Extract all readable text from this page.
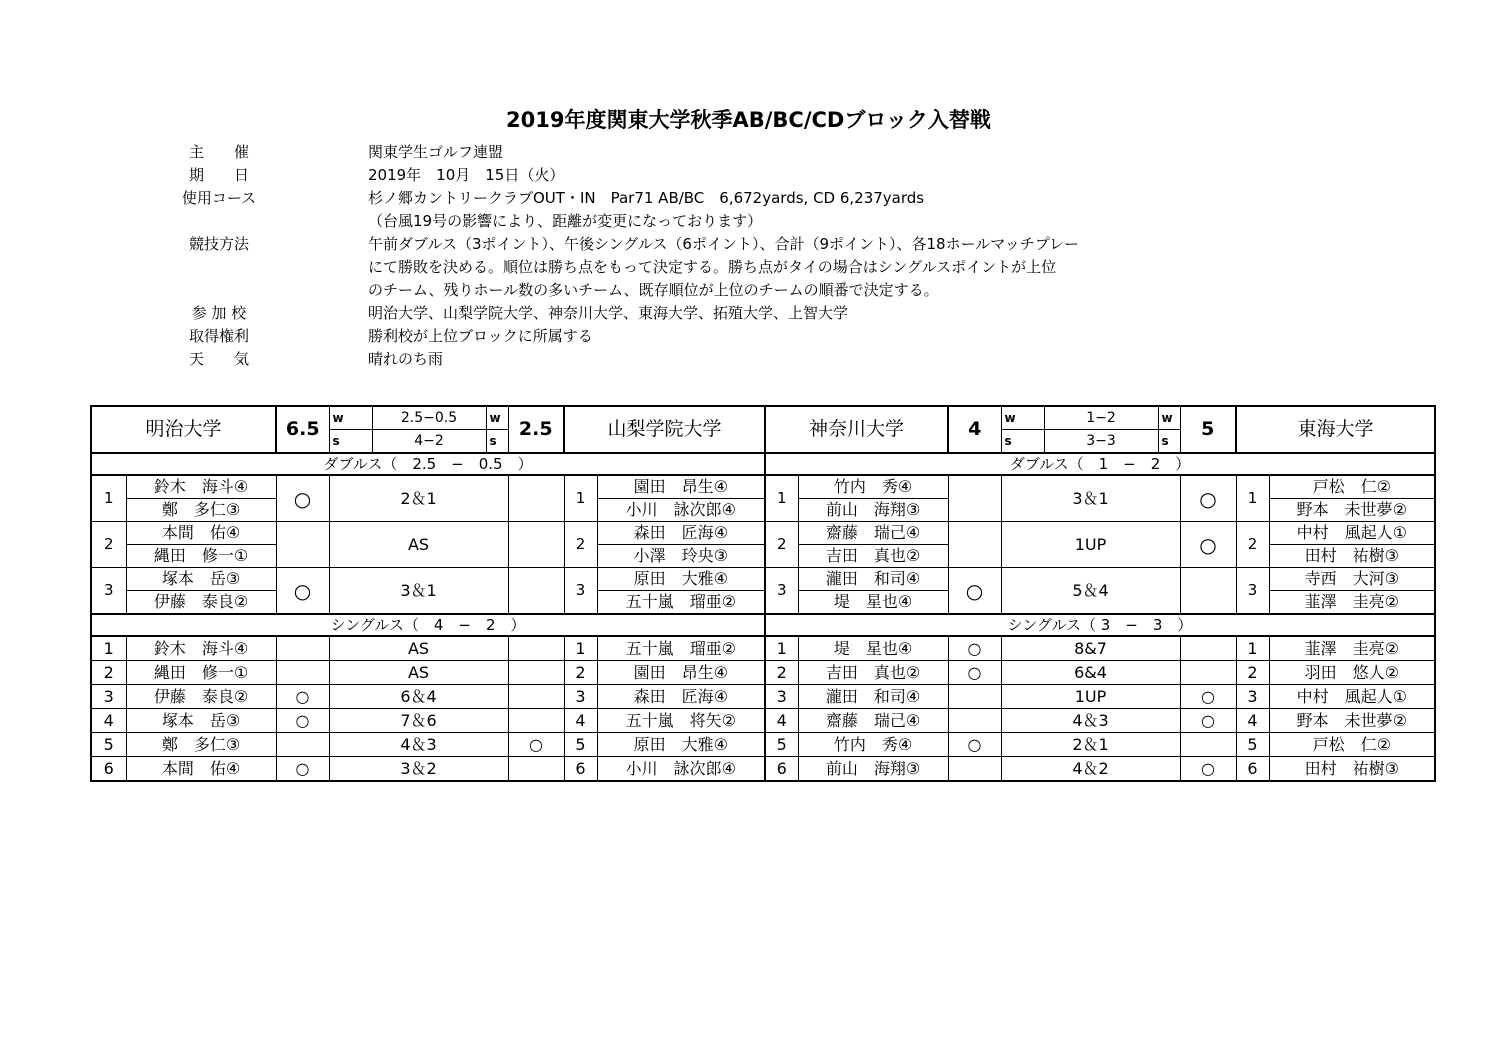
2019年度関東大学秋季AB/BC/CDブロック入替戦
主　　催	関東学生ゴルフ連盟
期　　日	2019年　10月　15日（火）
使用コース	杉ノ郷カントリークラブOUT・IN　Par71 AB/BC　6,672yards, CD 6,237yards
（台風19号の影響により、距離が変更になっております）
競技方法	午前ダブルス（3ポイント）、午後シングルス（6ポイント）、合計（9ポイント）、各18ホールマッチプレー
にて勝敗を決める。順位は勝ち点をもって決定する。勝ち点がタイの場合はシングルスポイントが上位
のチーム、残りホール数の多いチーム、既存順位が上位のチームの順番で決定する。
参 加 校	明治大学、山梨学院大学、神奈川大学、東海大学、拓殖大学、上智大学
取得権利	勝利校が上位ブロックに所属する
天　　気	晴れのち雨
明治大学		6.5	w	2.5−0.5	w	2.5	山梨学院大学		神奈川大学		4	w	1−2	w	5	東海大学	
			s	4−2	s							s	3−3	s			
ダブルス（　2.5　−　0.5　）									ダブルス（　1　−　2　）								
1	鈴木　海斗④	○	2＆1				1	園田　昂生④	1	竹内　秀④		3＆1			○	1	戸松　仁②
	鄭　多仁③							小川　詠次郎④		前山　海翔③							野本　未世夢②
2	本間　佑④		AS				2	森田　匠海④	2	齋藤　瑞己④		1UP			○	2	中村　風起人①
	縄田　修一①							小澤　玲央③		吉田　真也②							田村　祐樹③
3	塚本　岳③	○	3＆1				3	原田　大雅④	3	瀧田　和司④	○	5＆4				3	寺西　大河③
	伊藤　泰良②							五十嵐　瑠亜②		堤　星也④							韮澤　圭亮②
シングルス（　4　−　2　）									シングルス（ 3　−　3　）								
1	鈴木　海斗④		AS				1	五十嵐　瑠亜②	1	堤　星也④	○	8&7				1	韮澤　圭亮②
2	縄田　修一①		AS				2	園田　昂生④	2	吉田　真也②	○	6&4				2	羽田　悠人②
3	伊藤　泰良②	○	6＆4				3	森田　匠海④	3	瀧田　和司④		1UP			○	3	中村　風起人①
4	塚本　岳③	○	7＆6				4	五十嵐　将矢②	4	齋藤　瑞己④		4＆3			○	4	野本　未世夢②
5	鄭　多仁③		4＆3			○	5	原田　大雅④	5	竹内　秀④	○	2＆1				5	戸松　仁②
6	本間　佑④	○	3＆2				6	小川　詠次郎④	6	前山　海翔③		4＆2			○	6	田村　祐樹③
